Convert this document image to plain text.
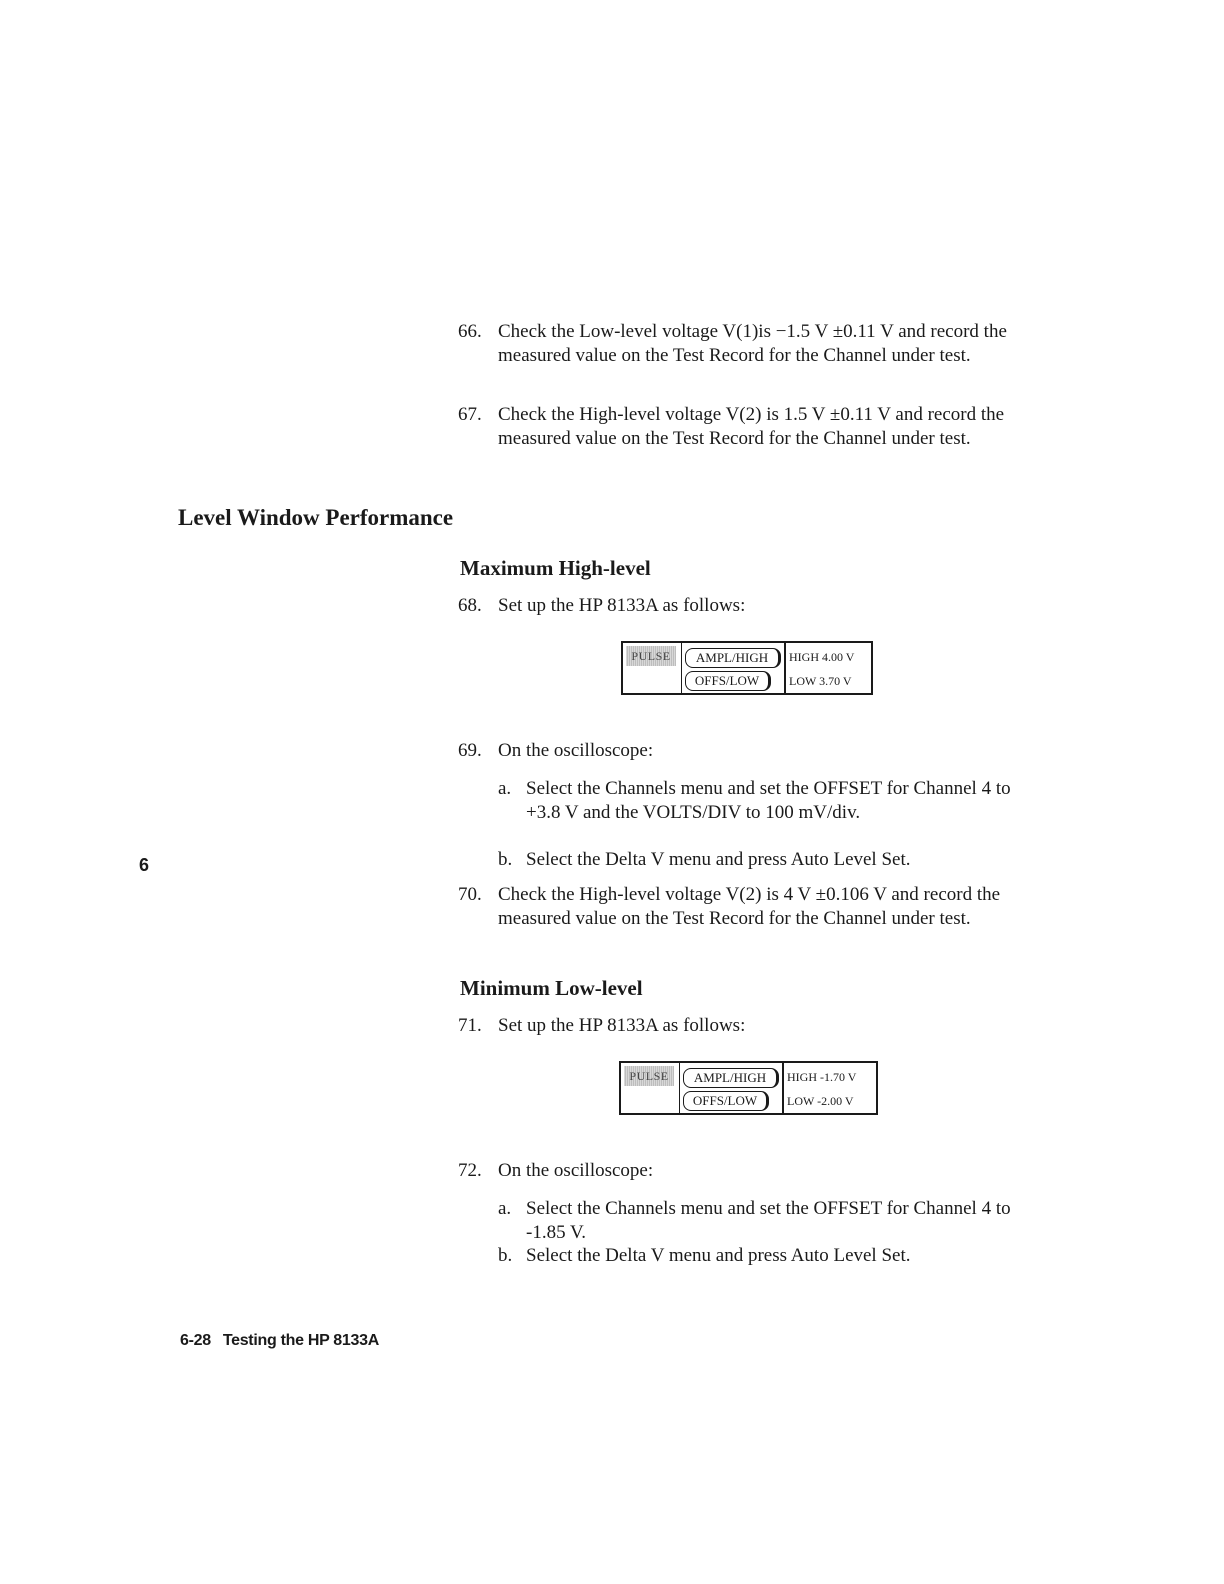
66. Check the Low-level voltage V(1)is −1.5 V ±0.11 V and record the measured value on the Test Record for the Channel under test.
67. Check the High-level voltage V(2) is 1.5 V ±0.11 V and record the measured value on the Test Record for the Channel under test.
Level Window Performance
Maximum High-level
68. Set up the HP 8133A as follows:
PULSE	AMPL/HIGH
OFFS/LOW
HIGH 4.00 V
LOW 3.70 V
69. On the oscilloscope:
a. Select the Channels menu and set the OFFSET for Channel 4 to +3.8 V and the VOLTS/DIV to 100 mV/div.
b. Select the Delta V menu and press Auto Level Set.
6
70. Check the High-level voltage V(2) is 4 V ±0.106 V and record the measured value on the Test Record for the Channel under test.
Minimum Low-level
71. Set up the HP 8133A as follows:
PULSE	AMPL/HIGH
OFFS/LOW
HIGH -1.70 V
LOW -2.00 V
72. On the oscilloscope:
a. Select the Channels menu and set the OFFSET for Channel 4 to -1.85 V.
b. Select the Delta V menu and press Auto Level Set.
6-28 Testing the HP 8133A
